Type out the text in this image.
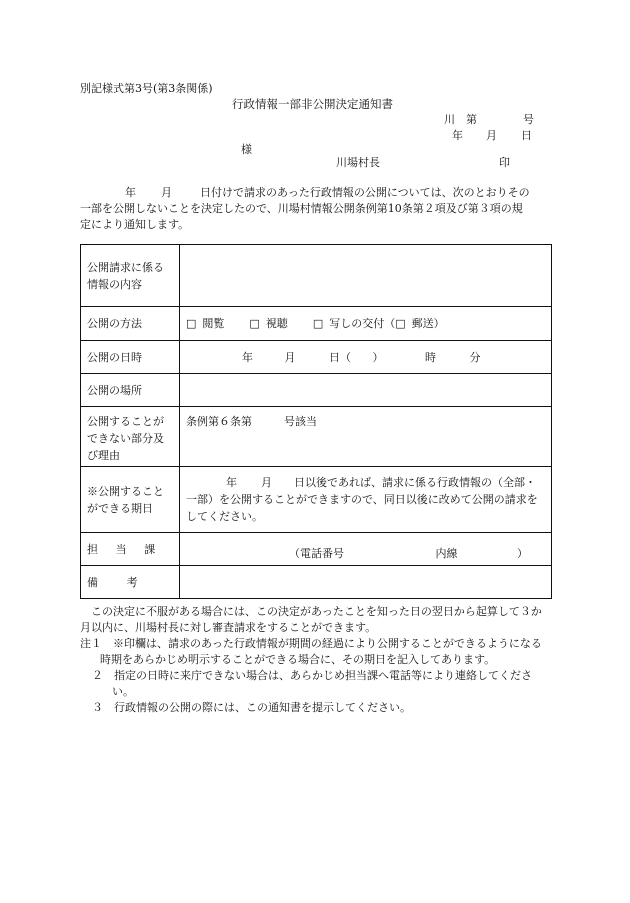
別記様式第3号(第3条関係)
行政情報一部非公開決定通知書
川 第	号
年 月 日
様
川場村長	印
年 月	日付けで請求のあった行政情報の公開については、次のとおりその
一部を公開しないことを決定したので、川場村情報公開条例第10条第２項及び第３項の規
定により通知します。
公開請求に係る情報の内容	
公開の方法	□ 閲覧 □ 視聴 □ 写しの交付（□ 郵送）
公開の日時	年 月 日（ ） 時 分
公開の場所	
公開することができない部分及び理由	条例第６条第 号該当
※公開することができる期日	年 月 日以後であれば、請求に係る行政情報の（全部・一部）を公開することができますので、同日以後に改めて公開の請求をしてください。
担当課	（電話番号 内線 ）
備考	
この決定に不服がある場合には、この決定があったことを知った日の翌日から起算して３か月以内に、川場村長に対し審査請求をすることができます。
注１　※印欄は、請求のあった行政情報が期間の経過により公開することができるようになる時期をあらかじめ明示することができる場合に、その期日を記入してあります。
２　指定の日時に来庁できない場合は、あらかじめ担当課へ電話等により連絡してください。
３　行政情報の公開の際には、この通知書を提示してください。
